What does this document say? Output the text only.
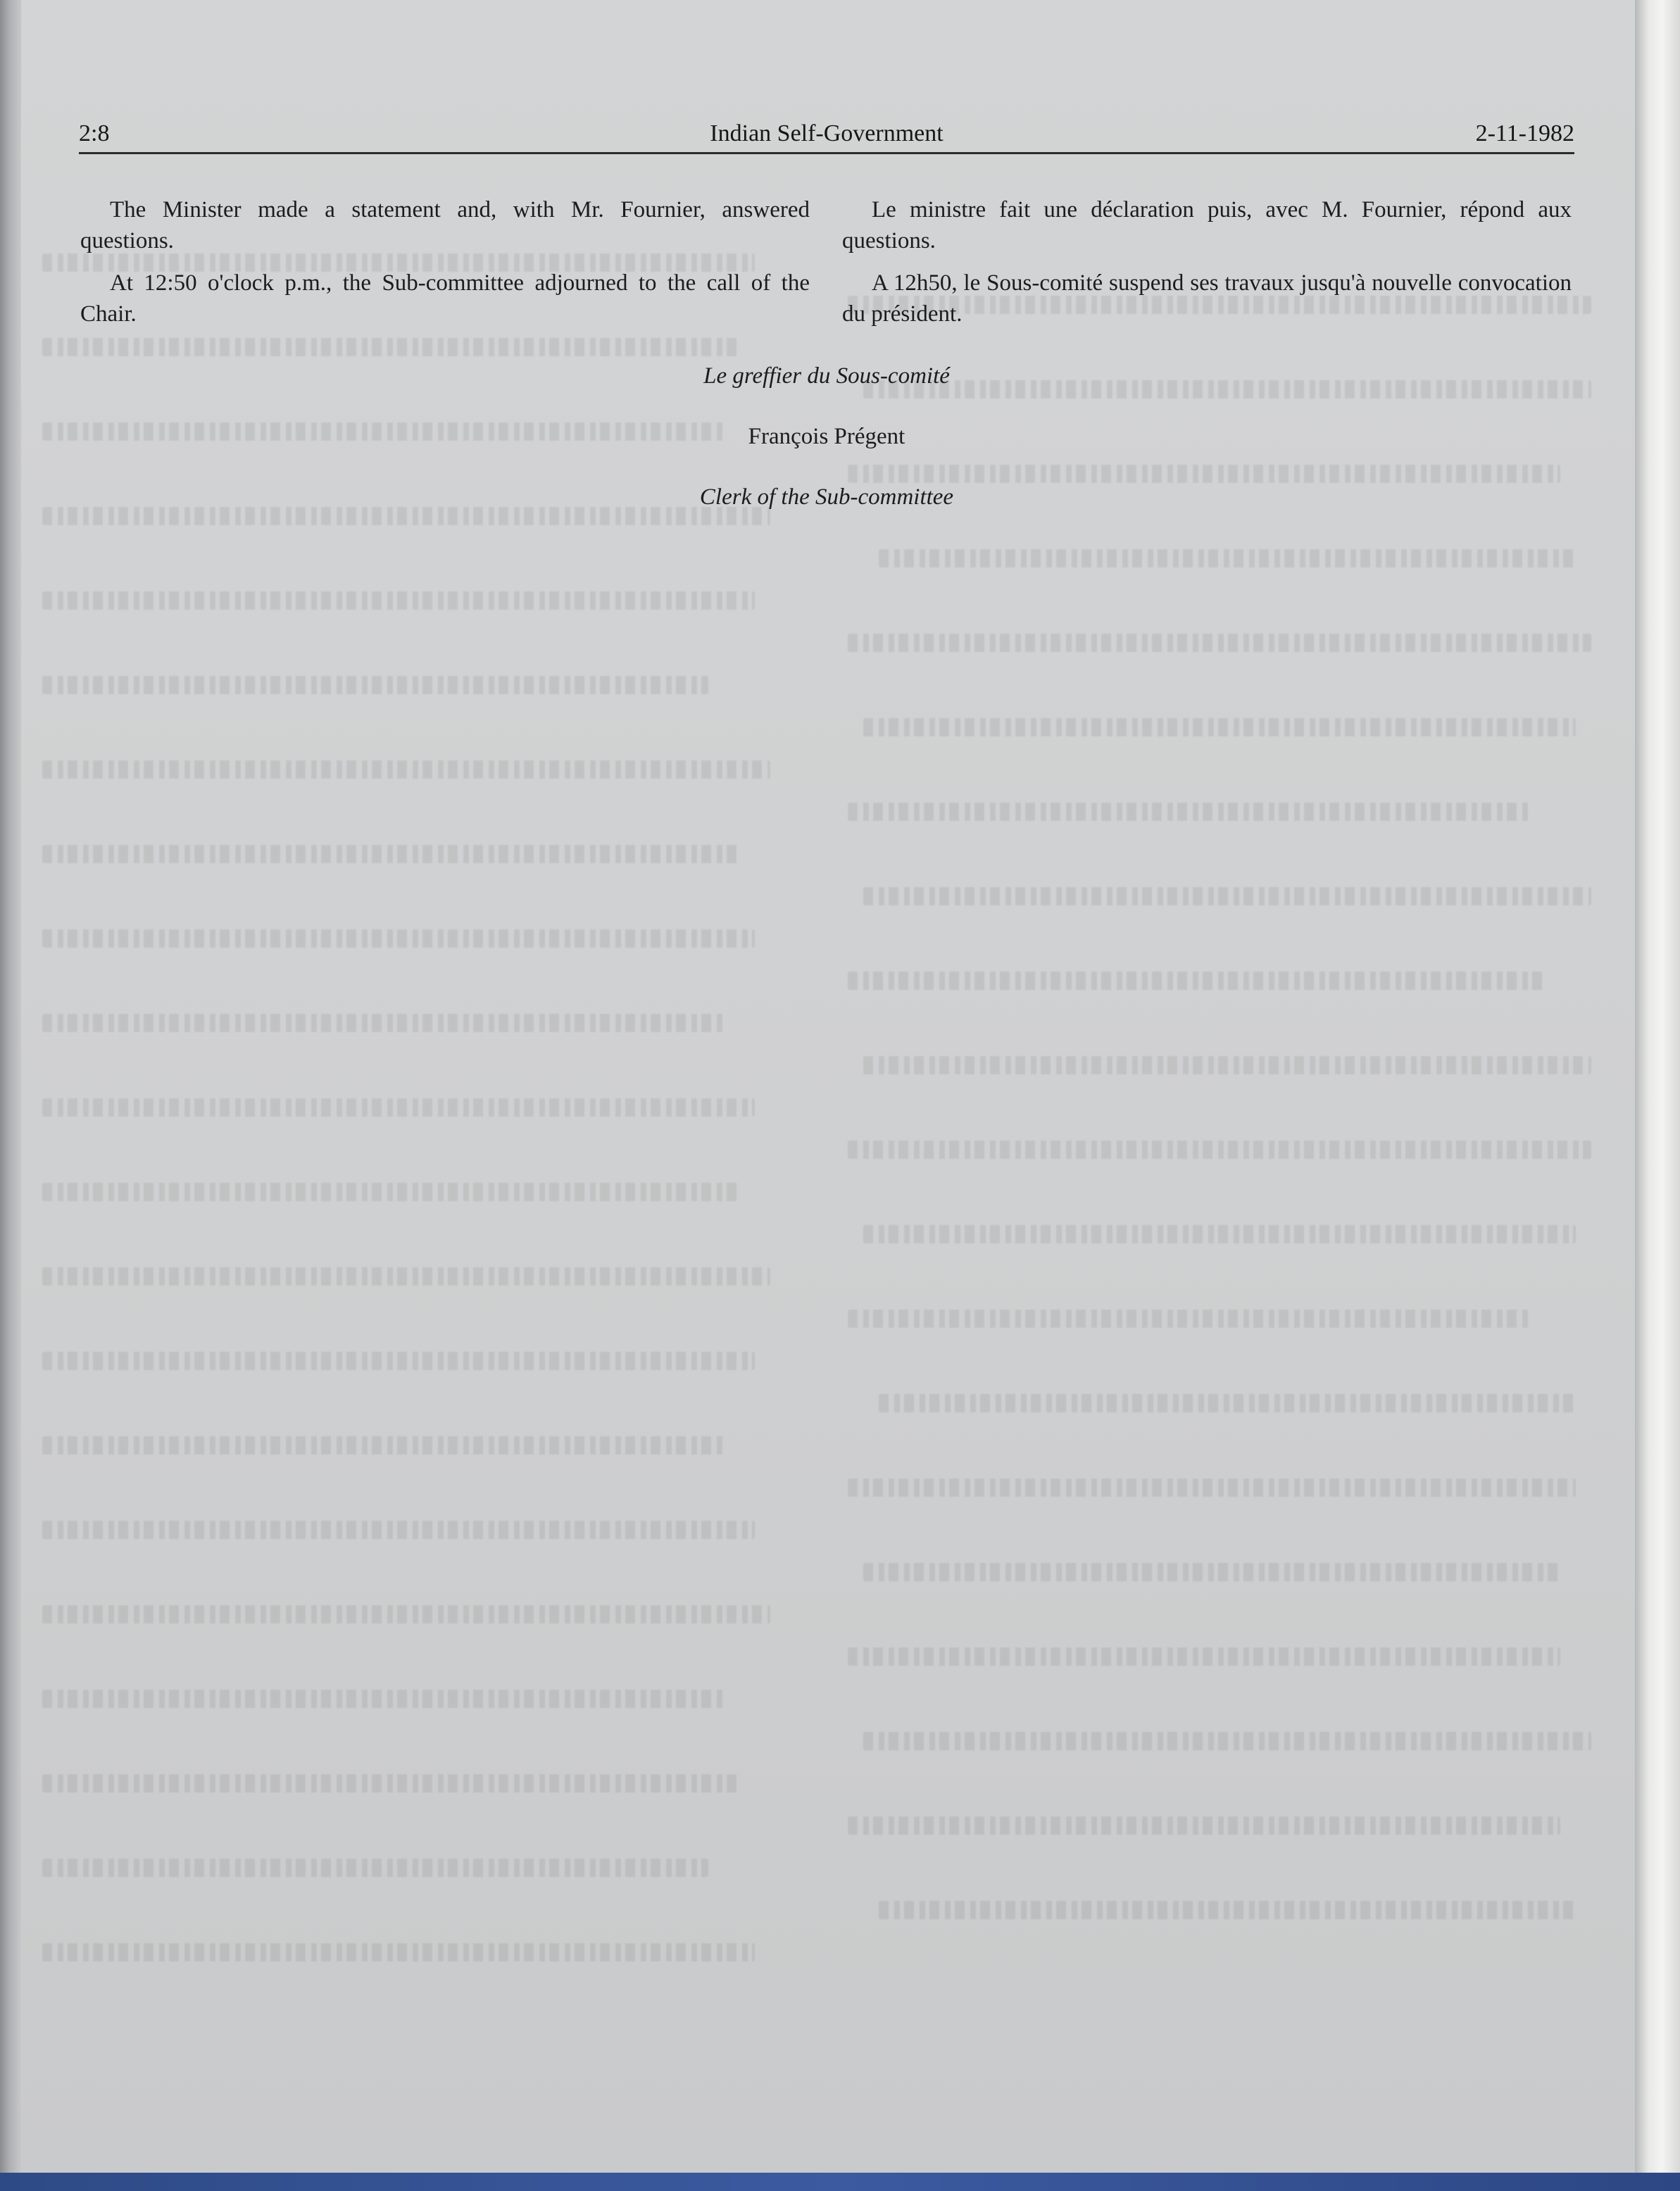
2:8	Indian Self-Government	2-11-1982

The Minister made a statement and, with Mr. Fournier, answered questions.

At 12:50 o'clock p.m., the Sub-committee adjourned to the call of the Chair.

Le ministre fait une déclaration puis, avec M. Fournier, répond aux questions.

A 12h50, le Sous-comité suspend ses travaux jusqu'à nouvelle convocation du président.

Le greffier du Sous-comité
François Prégent
Clerk of the Sub-committee
